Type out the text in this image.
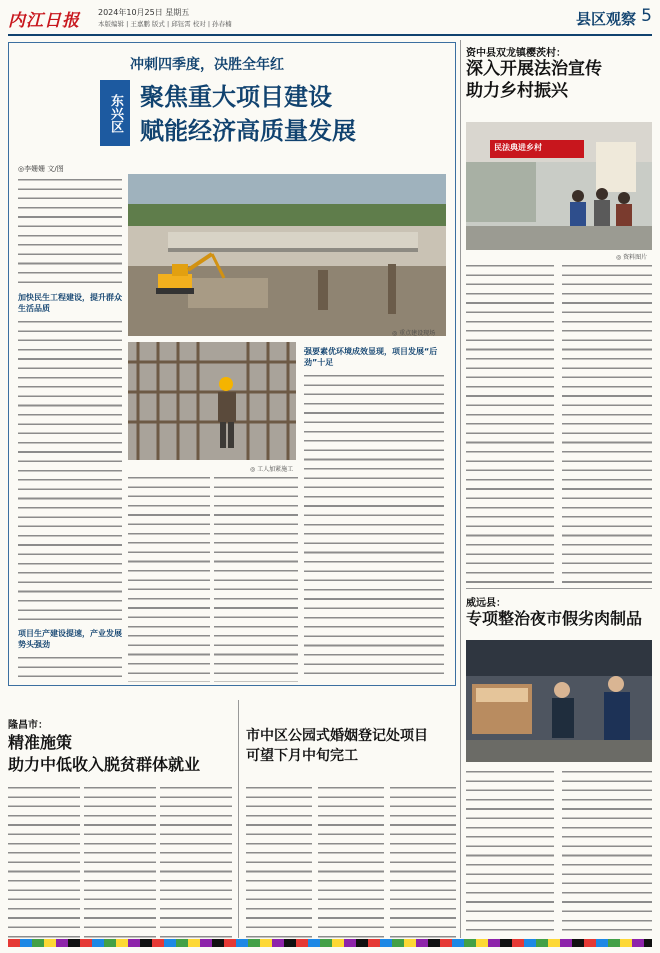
内江日报 2024年10月25日 星期五
本版编辑 | 王嘉鹏 版式 | 邱钰霄 校对 | 孙春楠	县区观察 5
冲刺四季度，决胜全年红
东兴区 聚焦重大项目建设
赋能经济高质量发展
◎李姗姗 文/图
加快民生工程建设，提升群众生活品质
项目生产建设提速，产业发展势头强劲
◎ 重点建设现场
◎ 工人加紧施工
强要素优环境成效显现，项目发展“后劲”十足
资中县双龙镇樱茨村：
深入开展法治宣传
助力乡村振兴
民法典进乡村
◎ 资料图片
威远县：
专项整治夜市假劣肉制品
隆昌市：
精准施策
助力中低收入脱贫群体就业
市中区公园式婚姻登记处项目
可望下月中旬完工
